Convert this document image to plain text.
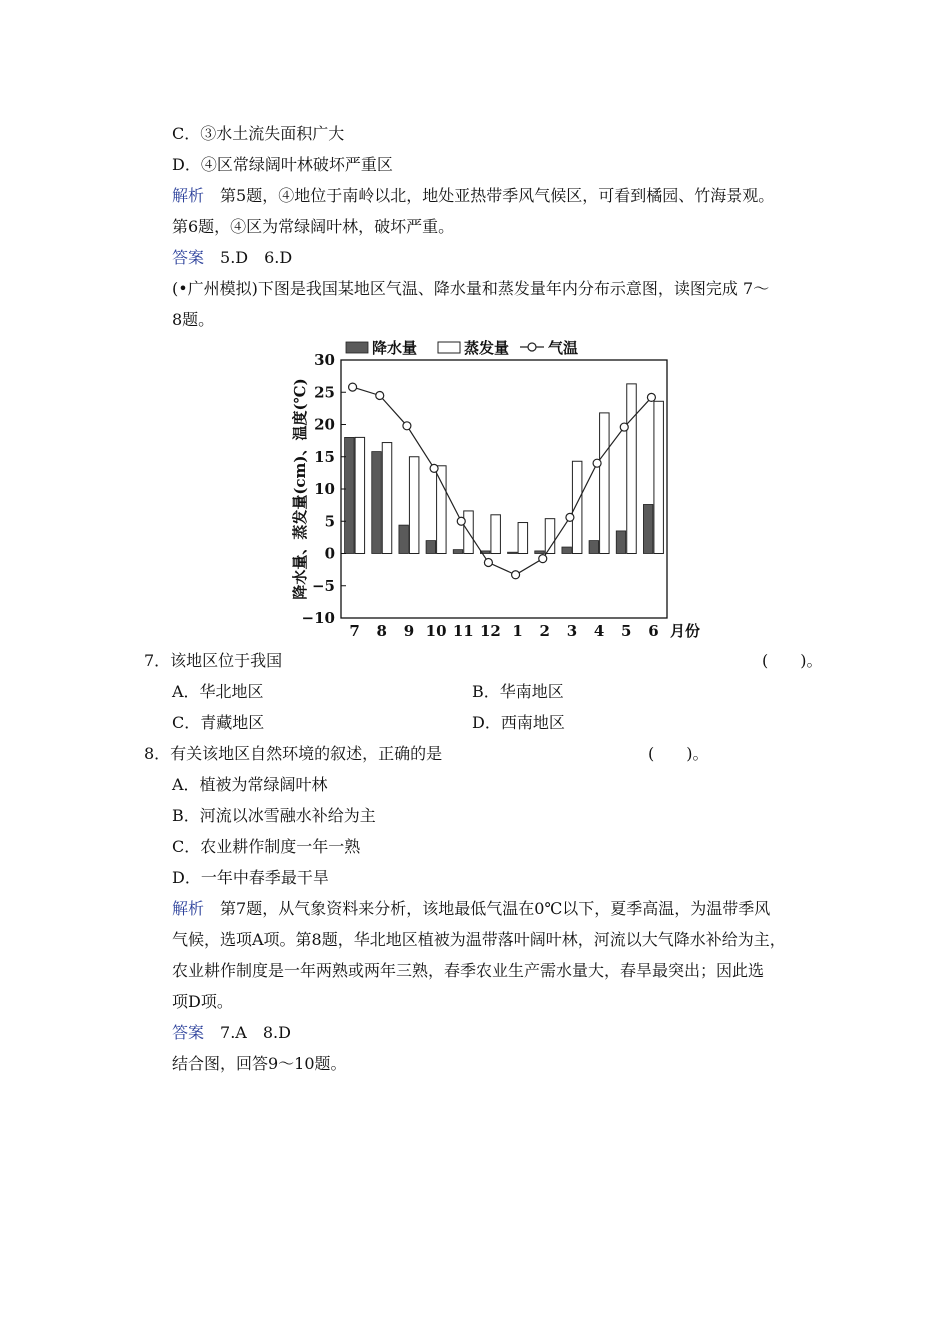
C．③水土流失面积广大
D．④区常绿阔叶林破坏严重区
解析　第5题，④地位于南岭以北，地处亚热带季风气候区，可看到橘园、竹海景观。
第6题，④区为常绿阔叶林，破坏严重。
答案　5.D　6.D
(•广州模拟)下图是我国某地区气温、降水量和蒸发量年内分布示意图，读图完成 7～
8题。
降水量	蒸发量	气温
降水量、蒸发量(cm)、温度(℃)
30
25
20
15
10
5
0
−5
−10
7 8 9 10 11 12 1 2 3 4 5 6 月份
7．该地区位于我国	(　　)。
A．华北地区	B．华南地区
C．青藏地区	D．西南地区
8．有关该地区自然环境的叙述，正确的是	(　　)。
A．植被为常绿阔叶林
B．河流以冰雪融水补给为主
C．农业耕作制度一年一熟
D．一年中春季最干旱
解析　第7题，从气象资料来分析，该地最低气温在0℃以下，夏季高温，为温带季风
气候，选项A项。第8题，华北地区植被为温带落叶阔叶林，河流以大气降水补给为主，
农业耕作制度是一年两熟或两年三熟，春季农业生产需水量大，春旱最突出；因此选
项D项。
答案　7.A　8.D
结合图，回答9～10题。
